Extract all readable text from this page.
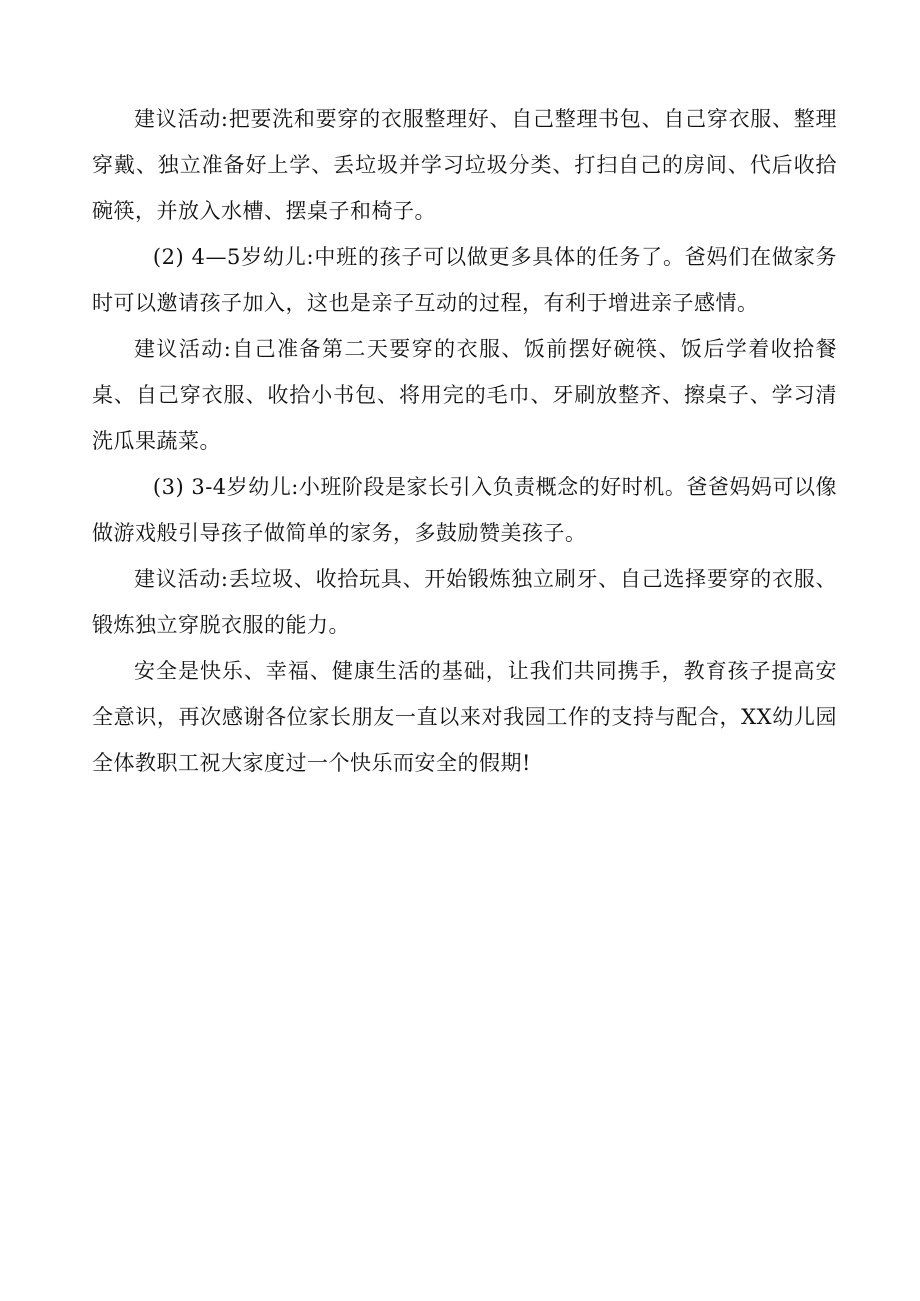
建议活动:把要洗和要穿的衣服整理好、自己整理书包、自己穿衣服、整理穿戴、独立准备好上学、丢垃圾并学习垃圾分类、打扫自己的房间、代后收拾碗筷，并放入水槽、摆桌子和椅子。

(2) 4—5岁幼儿:中班的孩子可以做更多具体的任务了。爸妈们在做家务时可以邀请孩子加入，这也是亲子互动的过程，有利于增进亲子感情。

建议活动:自己准备第二天要穿的衣服、饭前摆好碗筷、饭后学着收拾餐桌、自己穿衣服、收拾小书包、将用完的毛巾、牙刷放整齐、擦桌子、学习清洗瓜果蔬菜。

(3) 3-4岁幼儿:小班阶段是家长引入负责概念的好时机。爸爸妈妈可以像做游戏般引导孩子做简单的家务，多鼓励赞美孩子。

建议活动:丢垃圾、收拾玩具、开始锻炼独立刷牙、自己选择要穿的衣服、锻炼独立穿脱衣服的能力。

安全是快乐、幸福、健康生活的基础，让我们共同携手，教育孩子提高安全意识，再次感谢各位家长朋友一直以来对我园工作的支持与配合，XX幼儿园全体教职工祝大家度过一个快乐而安全的假期!
